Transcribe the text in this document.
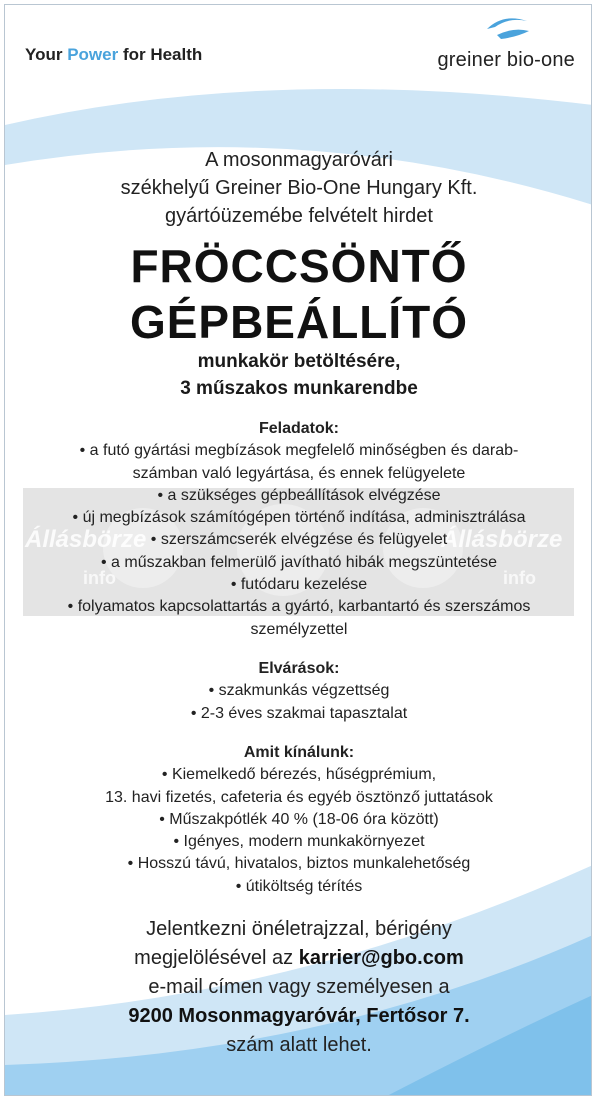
Your Power for Health	greiner bio-one
Állásbörze
info
Állásbörze
info
A mosonmagyaróvári
székhelyű Greiner Bio-One Hungary Kft.
gyártóüzemébe felvételt hirdet
FRÖCCSÖNTŐ
GÉPBEÁLLÍTÓ
munkakör betöltésére,
3 műszakos munkarendbe
Feladatok:
• a futó gyártási megbízások megfelelő minőségben és darab-
számban való legyártása, és ennek felügyelete
• a szükséges gépbeállítások elvégzése
• új megbízások számítógépen történő indítása, adminisztrálása
• szerszámcserék elvégzése és felügyelet
• a műszakban felmerülő javítható hibák megszüntetése
• futódaru kezelése
• folyamatos kapcsolattartás a gyártó, karbantartó és szerszámos
személyzettel
Elvárások:
• szakmunkás végzettség
• 2-3 éves szakmai tapasztalat
Amit kínálunk:
• Kiemelkedő bérezés, hűségprémium,
13. havi fizetés, cafeteria és egyéb ösztönző juttatások
• Műszakpótlék 40 % (18-06 óra között)
• Igényes, modern munkakörnyezet
• Hosszú távú, hivatalos, biztos munkalehetőség
• útiköltség térítés
Jelentkezni önéletrajzzal, bérigény
megjelölésével az karrier@gbo.com
e-mail címen vagy személyesen a
9200 Mosonmagyaróvár, Fertősor 7.
szám alatt lehet.
